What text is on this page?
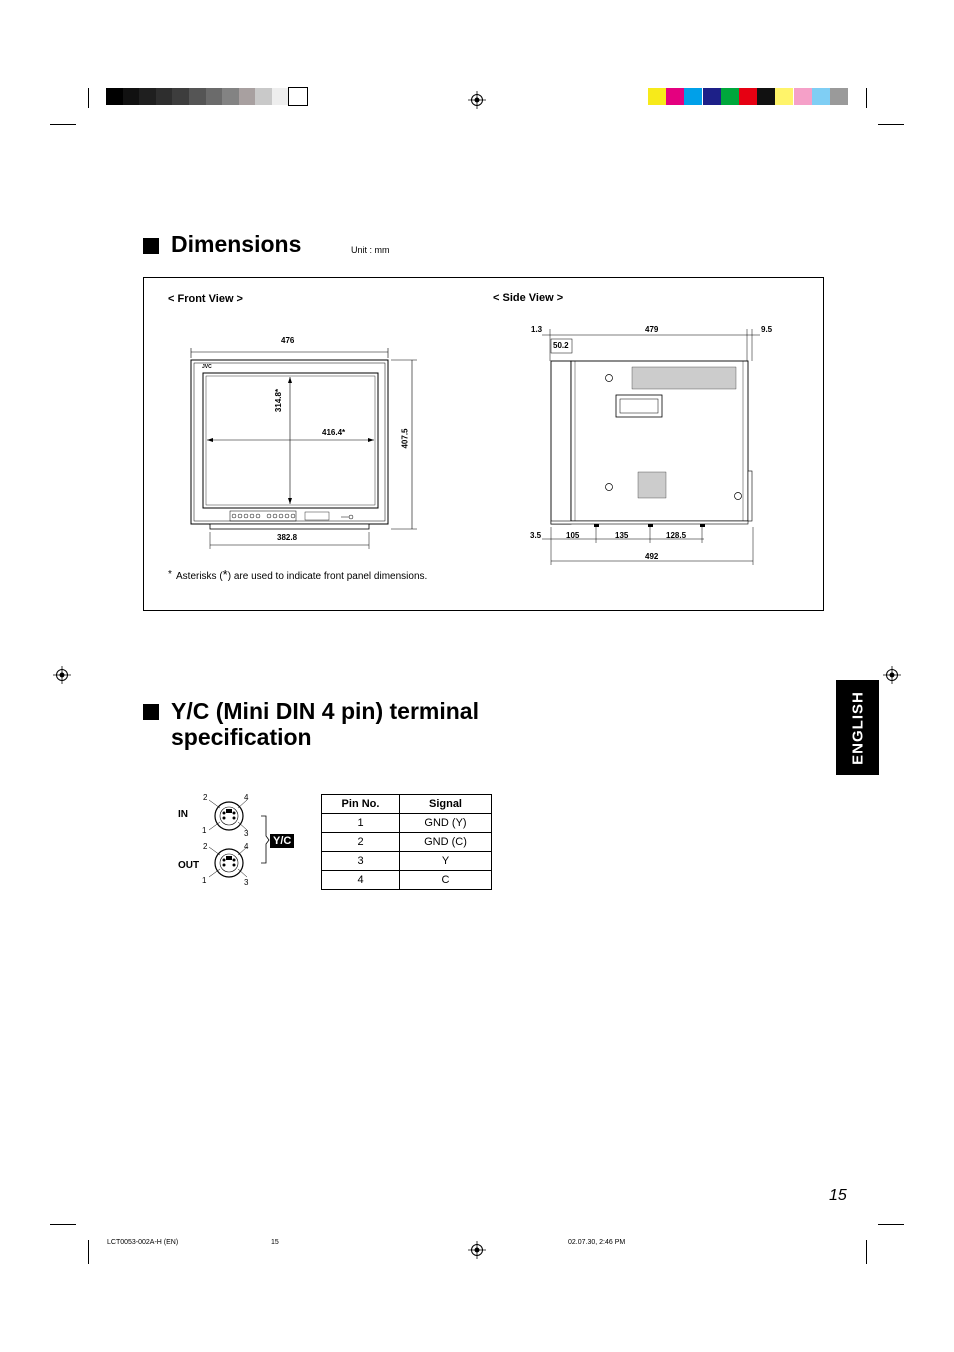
Dimensions	Unit : mm
< Front View >	< Side View >
JVC
476
314.8*
416.4*	407.5
382.8
1.3	479	9.5
50.2
3.5	105	135	128.5
492
* Asterisks (*) are used to indicate front panel dimensions.
Y/C (Mini DIN 4 pin) terminal
specification
IN
OUT
Y/C
2	4
1	3
2	4
1	3
Pin No.	Signal
1	GND (Y)
2	GND (C)
3	Y
4	C
ENGLISH
15
LCT0053-002A-H (EN)	15	02.07.30, 2:46 PM
